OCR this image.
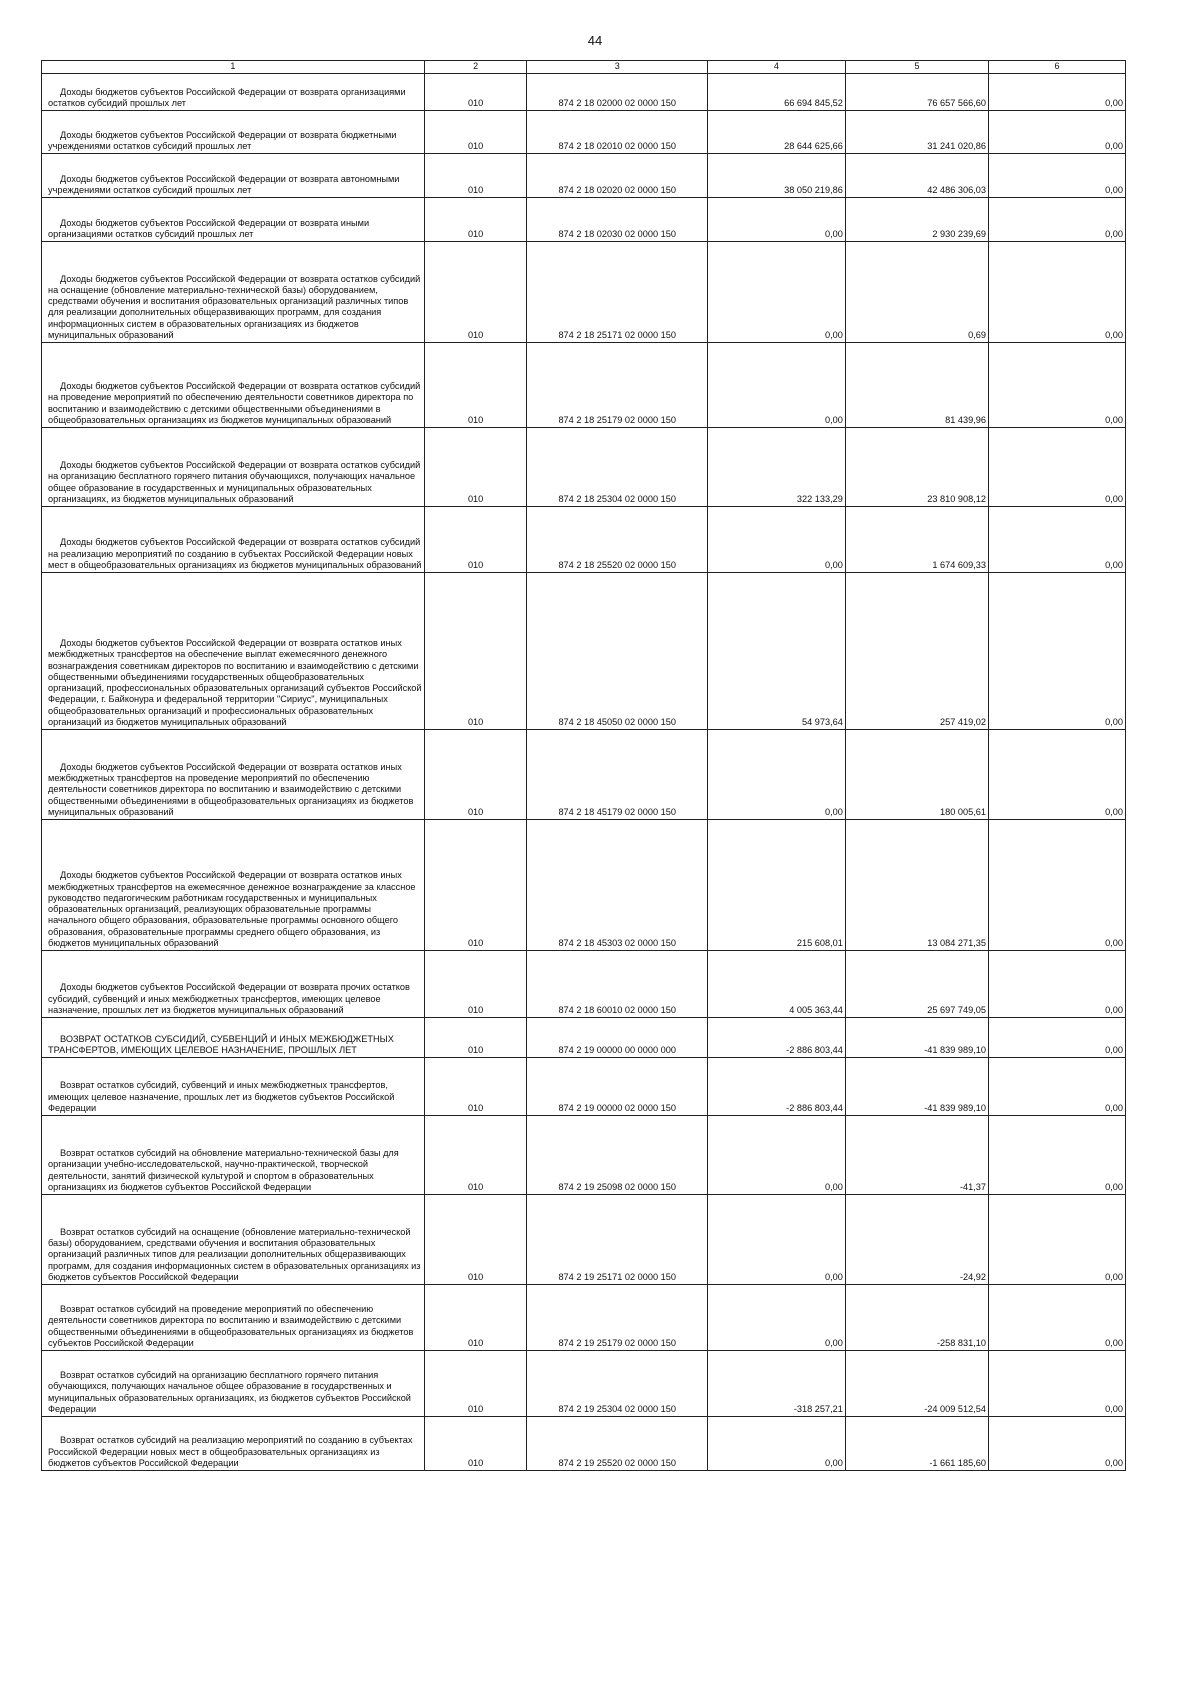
44
1	2	3	4	5	6

Доходы бюджетов субъектов Российской Федерации от возврата организациями остатков субсидий прошлых лет	010	874 2 18 02000 02 0000 150	66 694 845,52	76 657 566,60	0,00

Доходы бюджетов субъектов Российской Федерации от возврата бюджетными учреждениями остатков субсидий прошлых лет	010	874 2 18 02010 02 0000 150	28 644 625,66	31 241 020,86	0,00

Доходы бюджетов субъектов Российской Федерации от возврата автономными учреждениями остатков субсидий прошлых лет	010	874 2 18 02020 02 0000 150	38 050 219,86	42 486 306,03	0,00

Доходы бюджетов субъектов Российской Федерации от возврата иными организациями остатков субсидий прошлых лет	010	874 2 18 02030 02 0000 150	0,00	2 930 239,69	0,00

Доходы бюджетов субъектов Российской Федерации от возврата остатков субсидий на оснащение (обновление материально-технической базы) оборудованием, средствами обучения и воспитания образовательных организаций различных типов для реализации дополнительных общеразвивающих программ, для создания информационных систем в образовательных организациях из бюджетов муниципальных образований	010	874 2 18 25171 02 0000 150	0,00	0,69	0,00

Доходы бюджетов субъектов Российской Федерации от возврата остатков субсидий на проведение мероприятий по обеспечению деятельности советников директора по воспитанию и взаимодействию с детскими общественными объединениями в общеобразовательных организациях из бюджетов муниципальных образований	010	874 2 18 25179 02 0000 150	0,00	81 439,96	0,00

Доходы бюджетов субъектов Российской Федерации от возврата остатков субсидий на организацию бесплатного горячего питания обучающихся, получающих начальное общее образование в государственных и муниципальных образовательных организациях, из бюджетов муниципальных образований	010	874 2 18 25304 02 0000 150	322 133,29	23 810 908,12	0,00

Доходы бюджетов субъектов Российской Федерации от возврата остатков субсидий на реализацию мероприятий по созданию в субъектах Российской Федерации новых мест в общеобразовательных организациях из бюджетов муниципальных образований	010	874 2 18 25520 02 0000 150	0,00	1 674 609,33	0,00

Доходы бюджетов субъектов Российской Федерации от возврата остатков иных межбюджетных трансфертов на обеспечение выплат ежемесячного денежного вознаграждения советникам директоров по воспитанию и взаимодействию с детскими общественными объединениями государственных общеобразовательных организаций, профессиональных образовательных организаций субъектов Российской Федерации, г. Байконура и федеральной территории "Сириус", муниципальных общеобразовательных организаций и профессиональных образовательных организаций из бюджетов муниципальных образований	010	874 2 18 45050 02 0000 150	54 973,64	257 419,02	0,00

Доходы бюджетов субъектов Российской Федерации от возврата остатков иных межбюджетных трансфертов на проведение мероприятий по обеспечению деятельности советников директора по воспитанию и взаимодействию с детскими общественными объединениями в общеобразовательных организациях из бюджетов муниципальных образований	010	874 2 18 45179 02 0000 150	0,00	180 005,61	0,00

Доходы бюджетов субъектов Российской Федерации от возврата остатков иных межбюджетных трансфертов на ежемесячное денежное вознаграждение за классное руководство педагогическим работникам государственных и муниципальных образовательных организаций, реализующих образовательные программы начального общего образования, образовательные программы основного общего образования, образовательные программы среднего общего образования, из бюджетов муниципальных образований	010	874 2 18 45303 02 0000 150	215 608,01	13 084 271,35	0,00

Доходы бюджетов субъектов Российской Федерации от возврата прочих остатков субсидий, субвенций и иных межбюджетных трансфертов, имеющих целевое назначение, прошлых лет из бюджетов муниципальных образований	010	874 2 18 60010 02 0000 150	4 005 363,44	25 697 749,05	0,00

ВОЗВРАТ ОСТАТКОВ СУБСИДИЙ, СУБВЕНЦИЙ И ИНЫХ МЕЖБЮДЖЕТНЫХ ТРАНСФЕРТОВ, ИМЕЮЩИХ ЦЕЛЕВОЕ НАЗНАЧЕНИЕ, ПРОШЛЫХ ЛЕТ	010	874 2 19 00000 00 0000 000	-2 886 803,44	-41 839 989,10	0,00

Возврат остатков субсидий, субвенций и иных межбюджетных трансфертов, имеющих целевое назначение, прошлых лет из бюджетов субъектов Российской Федерации	010	874 2 19 00000 02 0000 150	-2 886 803,44	-41 839 989,10	0,00

Возврат остатков субсидий на обновление материально-технической базы для организации учебно-исследовательской, научно-практической, творческой деятельности, занятий физической культурой и спортом в образовательных организациях из бюджетов субъектов Российской Федерации	010	874 2 19 25098 02 0000 150	0,00	-41,37	0,00

Возврат остатков субсидий на оснащение (обновление материально-технической базы) оборудованием, средствами обучения и воспитания образовательных организаций различных типов для реализации дополнительных общеразвивающих программ, для создания информационных систем в образовательных организациях из бюджетов субъектов Российской Федерации	010	874 2 19 25171 02 0000 150	0,00	-24,92	0,00

Возврат остатков субсидий на проведение мероприятий по обеспечению деятельности советников директора по воспитанию и взаимодействию с детскими общественными объединениями в общеобразовательных организациях из бюджетов субъектов Российской Федерации	010	874 2 19 25179 02 0000 150	0,00	-258 831,10	0,00

Возврат остатков субсидий на организацию бесплатного горячего питания обучающихся, получающих начальное общее образование в государственных и муниципальных образовательных организациях, из бюджетов субъектов Российской Федерации	010	874 2 19 25304 02 0000 150	-318 257,21	-24 009 512,54	0,00

Возврат остатков субсидий на реализацию мероприятий по созданию в субъектах Российской Федерации новых мест в общеобразовательных организациях из бюджетов субъектов Российской Федерации	010	874 2 19 25520 02 0000 150	0,00	-1 661 185,60	0,00
